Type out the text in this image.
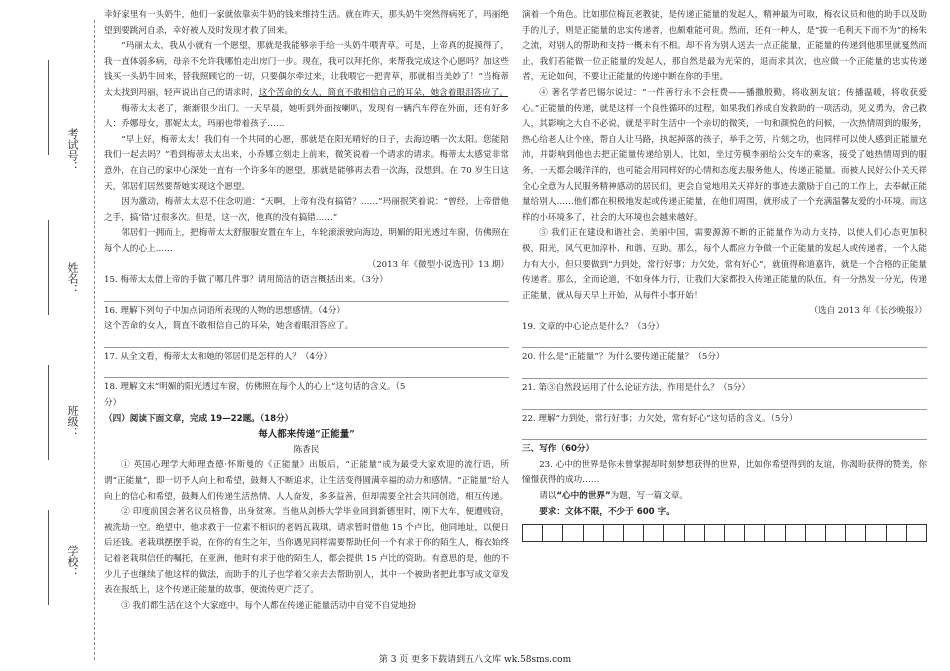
考试号：
姓名：
班级：
学校：

幸好家里有一头奶牛，他们一家就依靠卖牛奶的钱来维持生活。就在昨天，那头奶牛突然得病死了，玛丽绝望到要跳河自杀，幸好被人及时发现才救了回来。

“玛丽太太，我从小就有一个愿望，那就是我能够亲手给一头奶牛喂青草。可是，上帝真的捉摸得了，我一直体弱多病，母亲不允许我哪怕走出房门一步。现在，我可以拜托你，来帮我完成这个心愿吗？加这些钱买一头奶牛回来，替我照顾它的一切，只要偶尔牵过来，让我喂它一把青草，那就相当美妙了！”当梅蒂太太找到玛丽，轻声说出自己的请求时，这个苦命的女人，简直不敢相信自己的耳朵，她含着眼泪答应了。

梅蒂太太老了，渐渐很少出门。一天早晨，她听到外面按喇叭，发现有一辆汽车停在外面，还有好多人：乔娜母女，那妮太太，玛丽也带着孩子……

“早上好，梅蒂太太！我们有一个共同的心愿，那就是在阳光晴好的日子，去海边晒一次太阳。您能陪我们一起去吗？”看到梅蒂太太出来，小乔娜立刻走上前来，微笑说着一个请求的请求。梅蒂太太感觉非常意外，在自己的家中心深处一直有一个许多年的愿望，那就是能够再去看一次海，没想到。在 70 岁生日这天，邻居们居然要帮她实现这个愿望。

因为激动，梅蒂太太忍不住念叨道：“天啊，上帝有没有搞错？……”玛丽抿笑着说：“曾经，上帝借他之手，搞‘错’过很多次。但是，这一次，他真的没有搞错……”

邻居们一拥而上，把梅蒂太太舒服服安置在车上，车轮滚滚驶向海边，明媚的阳光透过车窗，仿佛照在每个人的心上……

（2013 年《微型小说选刊》13 期）

15. 梅蒂太太借上帝的手做了哪几件事？请用简洁的语言概括出来。（3分）

16. 理解下列句子中加点词语所表现的人物的思想感情。（4分）

这个苦命的女人，简直不敢相信自己的耳朵，她含着眼泪答应了。

17. 从全文看，梅蒂太太和她的邻居们是怎样的人？（4分）

18. 理解文末“明媚的阳光透过车窗，仿佛照在每个人的心上”这句话的含义。（5

分）

（四）阅读下面文章，完成 19—22题。（18分）

每人都来传递“正能量”

陈香民

① 英国心理学大师理查德·怀斯曼的《正能量》出版后，“正能量”成为最受大家欢迎的流行语，所谓“正能量”，即一切予人向上和希望，鼓舞人不断追求，让生活变得圆满幸福的动力和感情。“正能量”给人向上的信心和希望，鼓舞人们传递生活热情、人人奋发，多多益善，但却需要全社会共同创造，相互传递。

② 印度前国会著名议员格鲁，出身贫寒。当他从剑桥大学毕业回到新德里时，刚下大车，便遭贱窃，被洗劫一空。绝望中，他求救于一位素不相识的老妈瓦栽琪，请求暂时借他 15 个卢比，他同地址，以便日后还钱。老栽琪摆摆手说，在你的有生之年，当你遇见同样需要帮助任何一个有求于你的陌生人，梅衣始终记着老栽琪信任的嘱托，在亚洲，他时有求于他的陌生人，都会提供 15 卢比的资助。有意思的是，他的不少儿子也继续了他这样的做法，而助手的儿子也学着父亲去去帮助别人，其中一个被助者把此事写成文章发表在报纸上，这个传递正能量的故事，便流传更广泛了。

③ 我们都生活在这个大家庭中，每个人都在传递正能量活动中自觉不自觉地扮

演着一个角色。比如那位梅瓦老教徒，是传递正能量的发起人，精神最为可取，梅衣议员和他的助手以及助手的儿子，则是正能量的忠实传递者，也颇难能可贵。然而，还有一种人，是“拔一毛利天下而不为”的杨朱之流，对别人的帮助和支持一概未有不相。却不肯为别人送去一点正能量，正能量的传递到他那里就戛然而止，我们若能做一位正能量的发起人，那自然是最为光荣的，退而求其次，也应做一个正能量的忠实传递者，无论如何，不要让正能量的传递中断在你的手里。

④ 著名学者巴锡尔说过：“一件善行永不会枉费——播撒殷勤，将收割友谊；传播温暖，将收获爱心。”正能量的传递，就是这样一个良性循环的过程，如果我们养成自发救助的一项活动，见义勇为，舍己救人，其影响之大自不必说，就是平时生活中一个亲切的微笑，一句和颜悦色的问候，一次热情周到的服务，热心给老人让个座，帮自人让马路，执起掉落的孩子，举手之劳，片刻之功，也同样可以使人感到正能量充沛，并影响到他也去把正能量传递给别人，比如，坐过劳模李丽给公交车的乘客，接受了她热情周到的服务，一天都会暖洋洋的，也可能会用同样好的心情和态度去服务他人，传递正能量。而被人民好公仆关天祥全心全意为人民服务精神感动的居民们，更会自觉地用关天祥好的事迹去激励于自己的工作上，去奉献正能量给别人……他们都在积极地发起或传递正能量，在他们周围，就形成了一个充满温馨友爱的小环境。而这样的小环境多了，社会的大环境也会越来越好。

⑤ 我们正在建设和谐社会、美丽中国，需要源源不断的正能量作为动力支持，以使人们心态更加积极，阳光，风气更加淳朴、和谐、互助。那么，每个人都应力争做一个正能量的发起人或传递者，一个人能力有大小，但只要做到“力到处，常行好事；力欠处，常有好心”，就值得称道嘉许，就是一个合格的正能量传递者。那么，全而论道，不如身体力行，让我们大家都投入传递正能量的队伍，有一分热发一分光，传递正能量，就从每天早上开始，从每件小事开始！

（选自 2013 年《长沙晚报》）

19. 文章的中心论点是什么？（3分）

20. 什么是“正能量”？为什么要传递正能量？（5分）

21. 第③自然段运用了什么论证方法，作用是什么？（5分）

22. 理解“力到处，常行好事；力欠处，常有好心”这句话的含义。（5分）

三、写作（60分）

23. 心中的世界是你未曾掌握却时刻梦想获得的世界，比如你希望得到的友谊，你渴盼获得的赞美，你憧憬获得的成功……

请以“心中的世界”为题，写一篇文章。

要求：文体不限，不少于 600 字。

第 3 页 更多下载请到五八文库 wk.58sms.com
